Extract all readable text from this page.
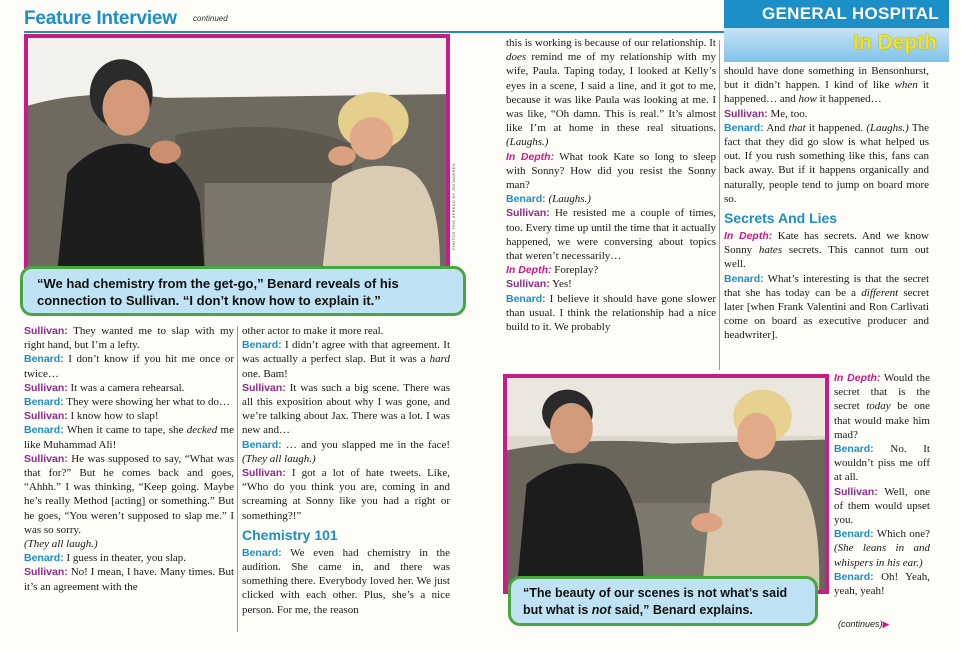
Feature Interview continued	GENERAL HOSPITAL
In Depth
PHOTOS THIS SPREAD BY JIM WARREN
“We had chemistry from the get-go,” Benard reveals of his
connection to Sullivan. “I don’t know how to explain it.”

Sullivan: They wanted me to slap with my right hand, but I’m a lefty.

Benard: I don’t know if you hit me once or twice…

Sullivan: It was a camera rehearsal.

Benard: They were showing her what to do…

Sullivan: I know how to slap!

Benard: When it came to tape, she decked me like Muhammad Ali!

Sullivan: He was supposed to say, “What was that for?” But he comes back and goes, “Ahhh.” I was thinking, “Keep going. Maybe he’s really Method [acting] or something.” But he goes, “You weren’t supposed to slap me.” I was so sorry.

(They all laugh.)

Benard: I guess in theater, you slap.

Sullivan: No! I mean, I have. Many times. But it’s an agreement with the

other actor to make it more real.

Benard: I didn’t agree with that agreement. It was actually a perfect slap. But it was a hard one. Bam!

Sullivan: It was such a big scene. There was all this exposition about why I was gone, and we’re talking about Jax. There was a lot. I was new and…

Benard: … and you slapped me in the face! (They all laugh.)

Sullivan: I got a lot of hate tweets. Like, “Who do you think you are, coming in and screaming at Sonny like you had a right or something?!”

Chemistry 101

Benard: We even had chemistry in the audition. She came in, and there was something there. Everybody loved her. We just clicked with each other. Plus, she’s a nice person. For me, the reason

this is working is because of our relationship. It does remind me of my relationship with my wife, Paula. Taping today, I looked at Kelly’s eyes in a scene, I said a line, and it got to me, because it was like Paula was looking at me. I was like, “Oh damn. This is real.” It’s almost like I’m at home in these real situations. (Laughs.)

In Depth: What took Kate so long to sleep with Sonny? How did you resist the Sonny man?

Benard: (Laughs.)

Sullivan: He resisted me a couple of times, too. Every time up until the time that it actually happened, we were conversing about topics that weren’t necessarily…

In Depth: Foreplay?

Sullivan: Yes!

Benard: I believe it should have gone slower than usual. I think the relationship had a nice build to it. We probably

should have done something in Bensonhurst, but it didn’t happen. I kind of like when it happened… and how it happened…

Sullivan: Me, too.

Benard: And that it happened. (Laughs.) The fact that they did go slow is what helped us out. If you rush something like this, fans can back away. But if it happens organically and naturally, people tend to jump on board more so.

Secrets And Lies

In Depth: Kate has secrets. And we know Sonny hates secrets. This cannot turn out well.

Benard: What’s interesting is that the secret that she has today can be a different secret later [when Frank Valentini and Ron Carlivati come on board as executive producer and headwriter].

“The beauty of our scenes is not what’s said
but what is not said,” Benard explains.

In Depth: Would the secret that is the secret today be one that would make him mad?

Benard: No. It wouldn’t piss me off at all.

Sullivan: Well, one of them would upset you.

Benard: Which one? (She leans in and whispers in his ear.)

Benard: Oh! Yeah, yeah, yeah!

(continues)▶
